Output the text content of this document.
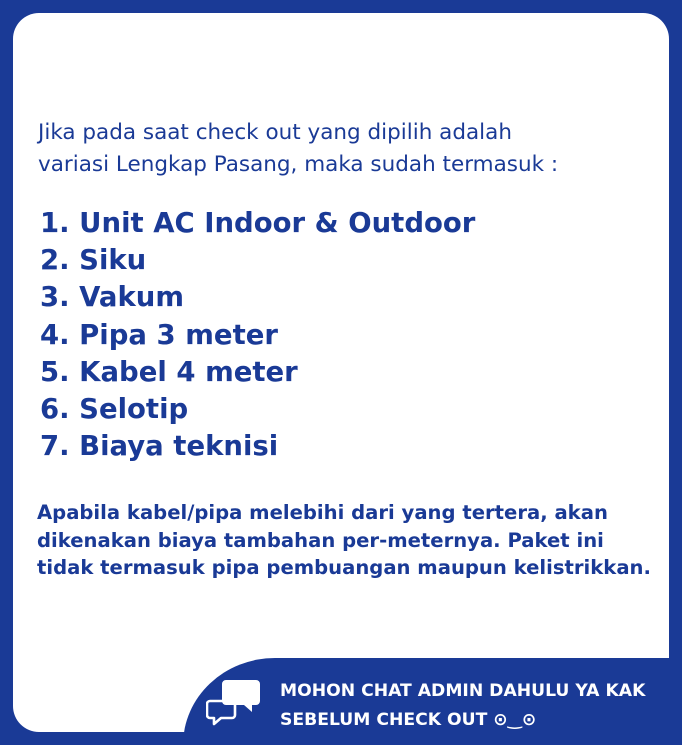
Jika pada saat check out yang dipilih adalah

variasi Lengkap Pasang, maka sudah termasuk :

1. Unit AC Indoor & Outdoor
2. Siku
3. Vakum
4. Pipa 3 meter
5. Kabel 4 meter
6. Selotip
7. Biaya teknisi

Apabila kabel/pipa melebihi dari yang tertera, akan

dikenakan biaya tambahan per-meternya. Paket ini

tidak termasuk pipa pembuangan maupun kelistrikkan.

MOHON CHAT ADMIN DAHULU YA KAK
SEBELUM CHECK OUT ⊙‿⊙
